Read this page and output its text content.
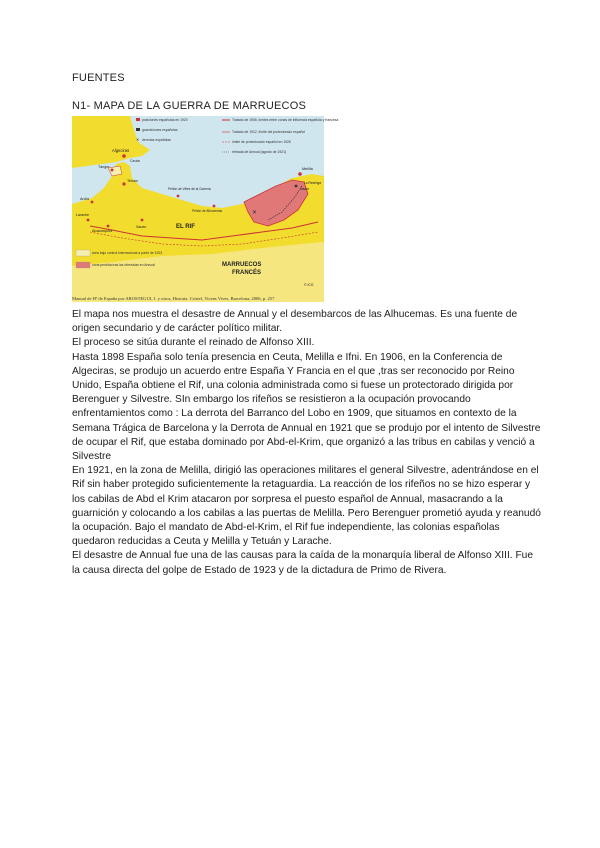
FUENTES
N1- MAPA DE LA GUERRA DE MARRUECOS
✕
Algeciras
Ceuta
Tánger
Tetuán
Arcila
Larache
Alcazarquivir
Xauen
Peñón de Vélez de la Gomera
Peñón de Alhucemas
Melilla
Nador
La Restinga
EL RIF
MARRUECOS
FRANCÉS
© ICG
posiciones españolas en 1920
guarniciones españolas
✕ derrotas españolas
Tratado de 1906, límites entre zonas de influencia española y francesa
Tratado de 1912, límite del protectorado español
límite de protectorado español en 1926
retirada de Annual (agosto de 1921)
área bajo control internacional a partir de 1923
zona perdida tras las ofensivas en Annual
Manual de Hª de España por AROSTEGUI, J. y otros, Historia. Cristel, Vicens Vives, Barcelona, 2006, p. 257

El mapa nos muestra el desastre de Annual y el desembarcos de las Alhucemas. Es una fuente de origen secundario y de carácter político militar.

El proceso se sitúa durante el reinado de Alfonso XIII.

Hasta 1898 España solo tenía presencia en Ceuta, Melilla e Ifni. En 1906, en la Conferencia de Algeciras, se produjo un acuerdo entre España Y Francia en el que ,tras ser reconocido por Reino Unido, España obtiene el Rif, una colonia administrada como si fuese un protectorado dirigida por Berenguer y Silvestre. SIn embargo los rifeños se resistieron a la ocupación provocando enfrentamientos como : La derrota del Barranco del Lobo en 1909, que situamos en contexto de la Semana Trágica de Barcelona y la Derrota de Annual en 1921 que se produjo por el intento de Silvestre de ocupar el Rif, que estaba dominado por Abd-el-Krim, que organizó a las tribus en cabilas y venció a Silvestre

En 1921, en la zona de Melilla, dirigió las operaciones militares el general Silvestre, adentrándose en el Rif sin haber protegido suficientemente la retaguardia. La reacción de los rifeños no se hizo esperar y los cabilas de Abd el Krim atacaron por sorpresa el puesto español de Annual, masacrando a la guarnición y colocando a los cabilas a las puertas de Melilla. Pero Berenguer prometió ayuda y reanudó la ocupación. Bajo el mandato de Abd-el-Krim, el Rif fue independiente, las colonias españolas quedaron reducidas a Ceuta y Melilla y Tetuán y Larache.

El desastre de Annual fue una de las causas para la caída de la monarquía liberal de Alfonso XIII. Fue la causa directa del golpe de Estado de 1923 y de la dictadura de Primo de Rivera.
